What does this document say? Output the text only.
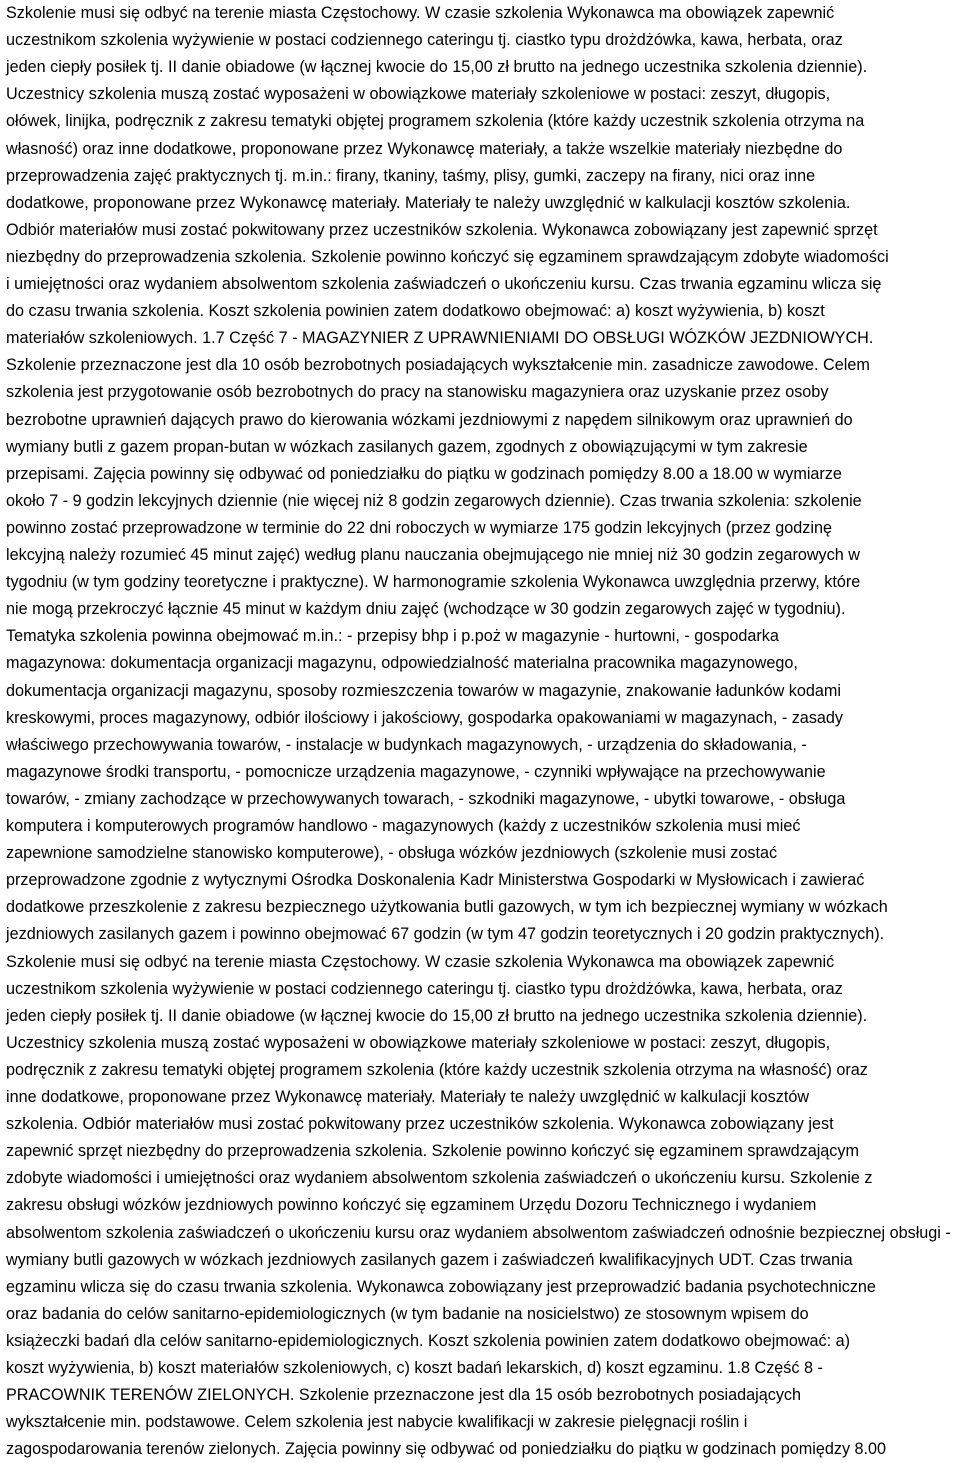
Szkolenie musi się odbyć na terenie miasta Częstochowy. W czasie szkolenia Wykonawca ma obowiązek zapewnić
uczestnikom szkolenia wyżywienie w postaci codziennego cateringu tj. ciastko typu drożdżówka, kawa, herbata, oraz
jeden ciepły posiłek tj. II danie obiadowe (w łącznej kwocie do 15,00 zł brutto na jednego uczestnika szkolenia dziennie).
Uczestnicy szkolenia muszą zostać wyposażeni w obowiązkowe materiały szkoleniowe w postaci: zeszyt, długopis,
ołówek, linijka, podręcznik z zakresu tematyki objętej programem szkolenia (które każdy uczestnik szkolenia otrzyma na
własność) oraz inne dodatkowe, proponowane przez Wykonawcę materiały, a także wszelkie materiały niezbędne do
przeprowadzenia zajęć praktycznych tj. m.in.: firany, tkaniny, taśmy, plisy, gumki, zaczepy na firany, nici oraz inne
dodatkowe, proponowane przez Wykonawcę materiały. Materiały te należy uwzględnić w kalkulacji kosztów szkolenia.
Odbiór materiałów musi zostać pokwitowany przez uczestników szkolenia. Wykonawca zobowiązany jest zapewnić sprzęt
niezbędny do przeprowadzenia szkolenia. Szkolenie powinno kończyć się egzaminem sprawdzającym zdobyte wiadomości
i umiejętności oraz wydaniem absolwentom szkolenia zaświadczeń o ukończeniu kursu. Czas trwania egzaminu wlicza się
do czasu trwania szkolenia. Koszt szkolenia powinien zatem dodatkowo obejmować: a) koszt wyżywienia, b) koszt
materiałów szkoleniowych. 1.7 Część 7 - MAGAZYNIER Z UPRAWNIENIAMI DO OBSŁUGI WÓZKÓW JEZDNIOWYCH.
Szkolenie przeznaczone jest dla 10 osób bezrobotnych posiadających wykształcenie min. zasadnicze zawodowe. Celem
szkolenia jest przygotowanie osób bezrobotnych do pracy na stanowisku magazyniera oraz uzyskanie przez osoby
bezrobotne uprawnień dających prawo do kierowania wózkami jezdniowymi z napędem silnikowym oraz uprawnień do
wymiany butli z gazem propan-butan w wózkach zasilanych gazem, zgodnych z obowiązującymi w tym zakresie
przepisami. Zajęcia powinny się odbywać od poniedziałku do piątku w godzinach pomiędzy 8.00 a 18.00 w wymiarze
około 7 - 9 godzin lekcyjnych dziennie (nie więcej niż 8 godzin zegarowych dziennie). Czas trwania szkolenia: szkolenie
powinno zostać przeprowadzone w terminie do 22 dni roboczych w wymiarze 175 godzin lekcyjnych (przez godzinę
lekcyjną należy rozumieć 45 minut zajęć) według planu nauczania obejmującego nie mniej niż 30 godzin zegarowych w
tygodniu (w tym godziny teoretyczne i praktyczne). W harmonogramie szkolenia Wykonawca uwzględnia przerwy, które
nie mogą przekroczyć łącznie 45 minut w każdym dniu zajęć (wchodzące w 30 godzin zegarowych zajęć w tygodniu).
Tematyka szkolenia powinna obejmować m.in.: - przepisy bhp i p.poż w magazynie - hurtowni, - gospodarka
magazynowa: dokumentacja organizacji magazynu, odpowiedzialność materialna pracownika magazynowego,
dokumentacja organizacji magazynu, sposoby rozmieszczenia towarów w magazynie, znakowanie ładunków kodami
kreskowymi, proces magazynowy, odbiór ilościowy i jakościowy, gospodarka opakowaniami w magazynach, - zasady
właściwego przechowywania towarów, - instalacje w budynkach magazynowych, - urządzenia do składowania, -
magazynowe środki transportu, - pomocnicze urządzenia magazynowe, - czynniki wpływające na przechowywanie
towarów, - zmiany zachodzące w przechowywanych towarach, - szkodniki magazynowe, - ubytki towarowe, - obsługa
komputera i komputerowych programów handlowo - magazynowych (każdy z uczestników szkolenia musi mieć
zapewnione samodzielne stanowisko komputerowe), - obsługa wózków jezdniowych (szkolenie musi zostać
przeprowadzone zgodnie z wytycznymi Ośrodka Doskonalenia Kadr Ministerstwa Gospodarki w Mysłowicach i zawierać
dodatkowe przeszkolenie z zakresu bezpiecznego użytkowania butli gazowych, w tym ich bezpiecznej wymiany w wózkach
jezdniowych zasilanych gazem i powinno obejmować 67 godzin (w tym 47 godzin teoretycznych i 20 godzin praktycznych).
Szkolenie musi się odbyć na terenie miasta Częstochowy. W czasie szkolenia Wykonawca ma obowiązek zapewnić
uczestnikom szkolenia wyżywienie w postaci codziennego cateringu tj. ciastko typu drożdżówka, kawa, herbata, oraz
jeden ciepły posiłek tj. II danie obiadowe (w łącznej kwocie do 15,00 zł brutto na jednego uczestnika szkolenia dziennie).
Uczestnicy szkolenia muszą zostać wyposażeni w obowiązkowe materiały szkoleniowe w postaci: zeszyt, długopis,
podręcznik z zakresu tematyki objętej programem szkolenia (które każdy uczestnik szkolenia otrzyma na własność) oraz
inne dodatkowe, proponowane przez Wykonawcę materiały. Materiały te należy uwzględnić w kalkulacji kosztów
szkolenia. Odbiór materiałów musi zostać pokwitowany przez uczestników szkolenia. Wykonawca zobowiązany jest
zapewnić sprzęt niezbędny do przeprowadzenia szkolenia. Szkolenie powinno kończyć się egzaminem sprawdzającym
zdobyte wiadomości i umiejętności oraz wydaniem absolwentom szkolenia zaświadczeń o ukończeniu kursu. Szkolenie z
zakresu obsługi wózków jezdniowych powinno kończyć się egzaminem Urzędu Dozoru Technicznego i wydaniem
absolwentom szkolenia zaświadczeń o ukończeniu kursu oraz wydaniem absolwentom zaświadczeń odnośnie bezpiecznej obsługi -
wymiany butli gazowych w wózkach jezdniowych zasilanych gazem i zaświadczeń kwalifikacyjnych UDT. Czas trwania
egzaminu wlicza się do czasu trwania szkolenia. Wykonawca zobowiązany jest przeprowadzić badania psychotechniczne
oraz badania do celów sanitarno-epidemiologicznych (w tym badanie na nosicielstwo) ze stosownym wpisem do
książeczki badań dla celów sanitarno-epidemiologicznych. Koszt szkolenia powinien zatem dodatkowo obejmować: a)
koszt wyżywienia, b) koszt materiałów szkoleniowych, c) koszt badań lekarskich, d) koszt egzaminu. 1.8 Część 8 -
PRACOWNIK TERENÓW ZIELONYCH. Szkolenie przeznaczone jest dla 15 osób bezrobotnych posiadających
wykształcenie min. podstawowe. Celem szkolenia jest nabycie kwalifikacji w zakresie pielęgnacji roślin i
zagospodarowania terenów zielonych. Zajęcia powinny się odbywać od poniedziałku do piątku w godzinach pomiędzy 8.00
